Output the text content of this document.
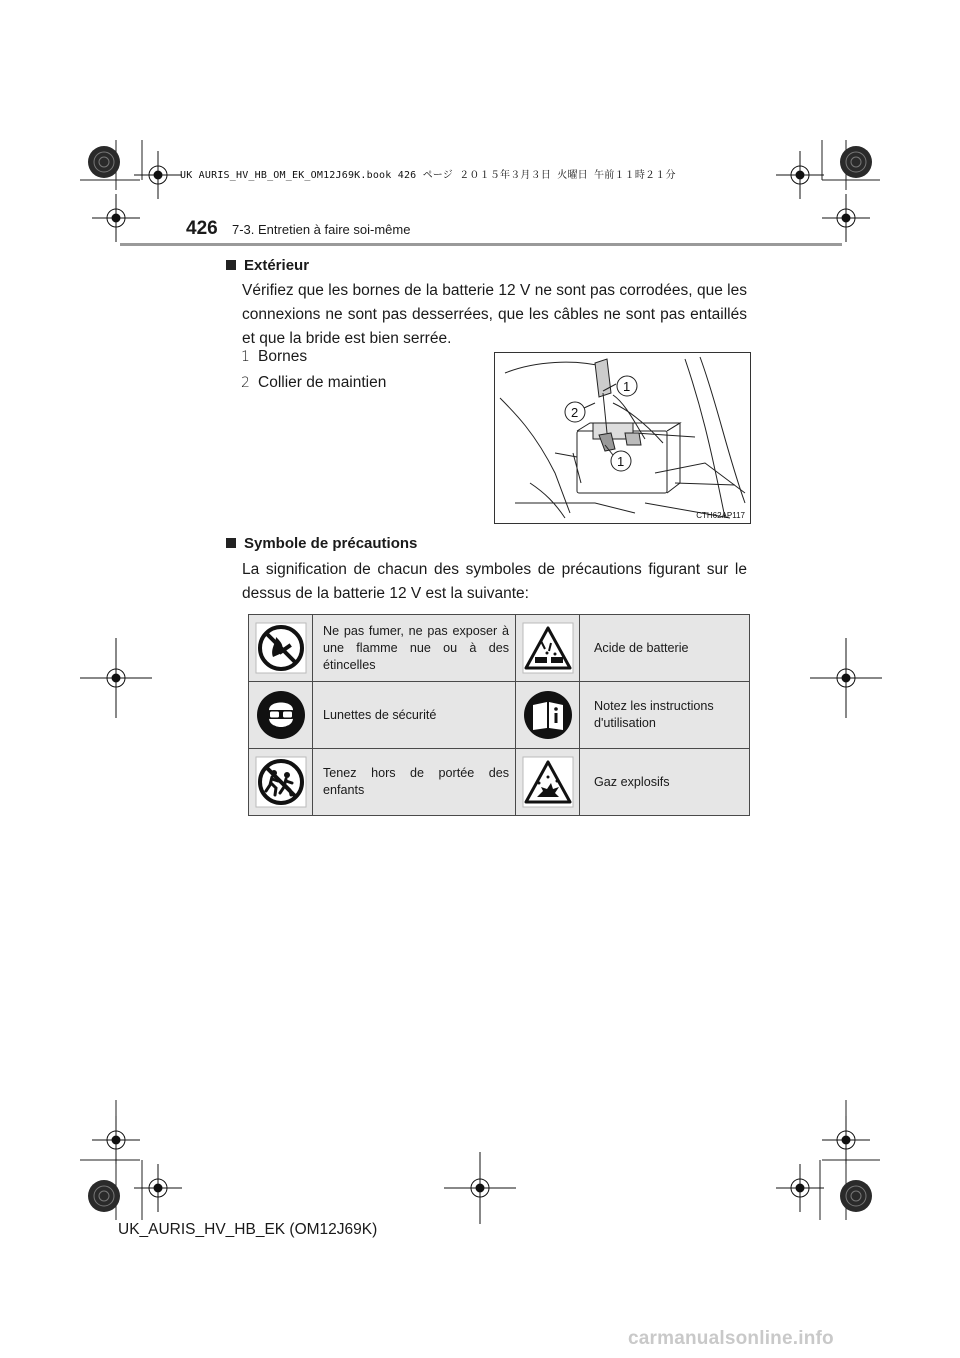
UK AURIS_HV_HB_OM_EK_OM12J69K.book 426 ページ ２０１５年３月３日 火曜日 午前１１時２１分
426 7-3. Entretien à faire soi-même
Extérieur
Vérifiez que les bornes de la batterie 12 V ne sont pas corrodées, que les connexions ne sont pas desserrées, que les câbles ne sont pas entaillés et que la bride est bien serrée.
1 Bornes
2 Collier de maintien	1
2
1
CTH62AP117
Symbole de précautions
La signification de chacun des symboles de précautions figurant sur le dessus de la batterie 12 V est la suivante:
	Ne pas fumer, ne pas exposer à une flamme nue ou à des étincelles		Acide de batterie

	Lunettes de sécurité		Notez les instructions d'utilisation

	Tenez hors de portée des enfants		Gaz explosifs
UK_AURIS_HV_HB_EK (OM12J69K)
carmanualsonline.info
